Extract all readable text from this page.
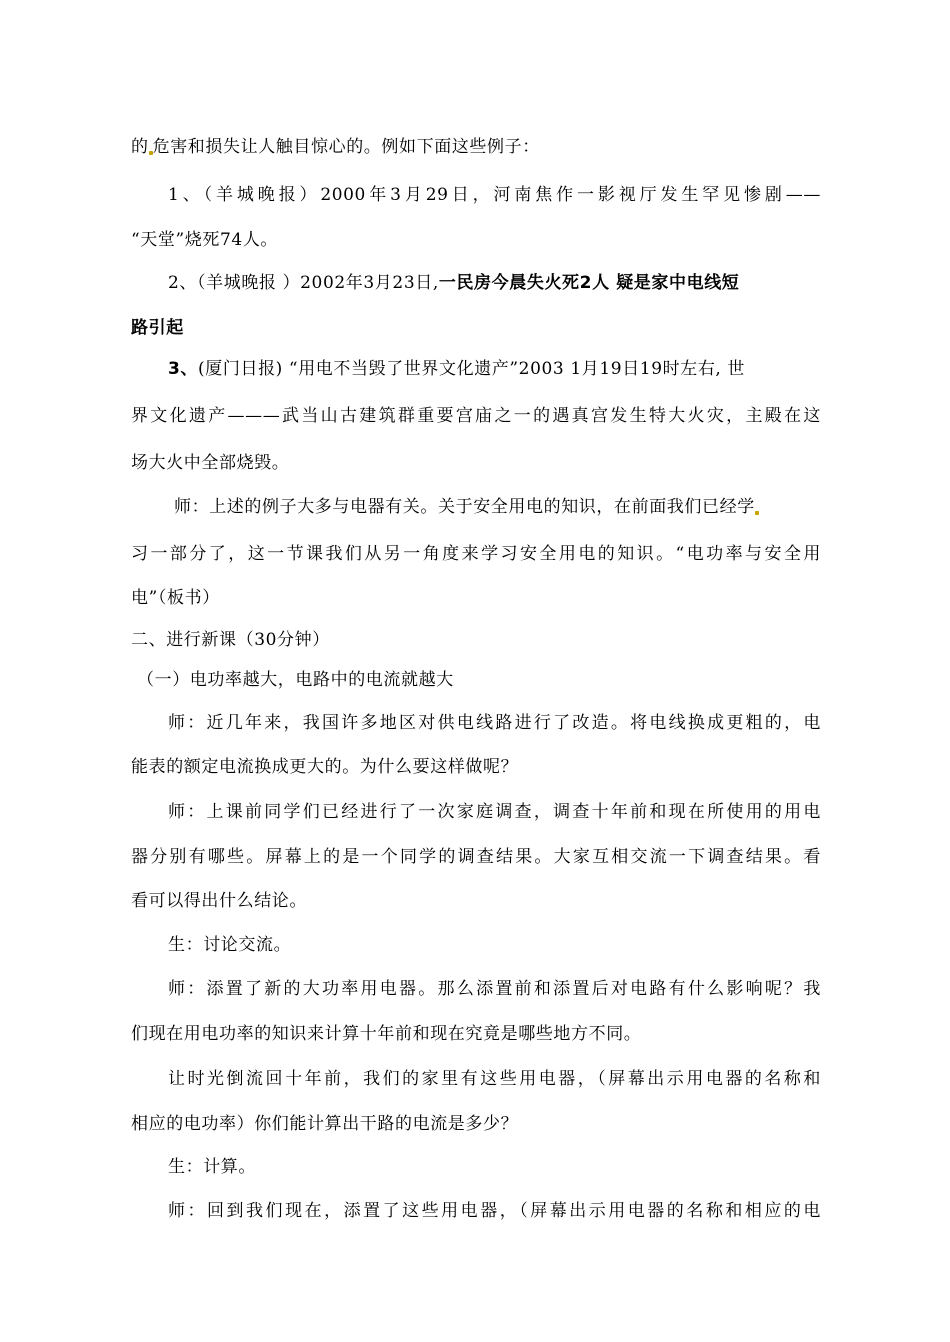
的 危害和损失让人触目惊心的。例如下面这些例子：
1、（羊城晚报）2000年3月29日，河南焦作一影视厅发生罕见惨剧——
“天堂”烧死74人。
2、（羊城晚报 ）2002年3月23日,一民房今晨失火死2人 疑是家中电线短
路引起
3、(厦门日报) “用电不当毁了世界文化遗产”2003 1月19日19时左右, 世
界文化遗产———武当山古建筑群重要宫庙之一的遇真宫发生特大火灾，主殿在这
场大火中全部烧毁。
师：上述的例子大多与电器有关。关于安全用电的知识，在前面我们已经学
习一部分了，这一节课我们从另一角度来学习安全用电的知识。“电功率与安全用
电”（板书）
二、进行新课（30分钟）
（一）电功率越大，电路中的电流就越大
师：近几年来，我国许多地区对供电线路进行了改造。将电线换成更粗的，电
能表的额定电流换成更大的。为什么要这样做呢？
师：上课前同学们已经进行了一次家庭调查，调查十年前和现在所使用的用电
器分别有哪些。屏幕上的是一个同学的调查结果。大家互相交流一下调查结果。看
看可以得出什么结论。
生：讨论交流。
师：添置了新的大功率用电器。那么添置前和添置后对电路有什么影响呢？我
们现在用电功率的知识来计算十年前和现在究竟是哪些地方不同。
让时光倒流回十年前，我们的家里有这些用电器，（屏幕出示用电器的名称和
相应的电功率）你们能计算出干路的电流是多少？
生：计算。
师：回到我们现在，添置了这些用电器，（屏幕出示用电器的名称和相应的电
